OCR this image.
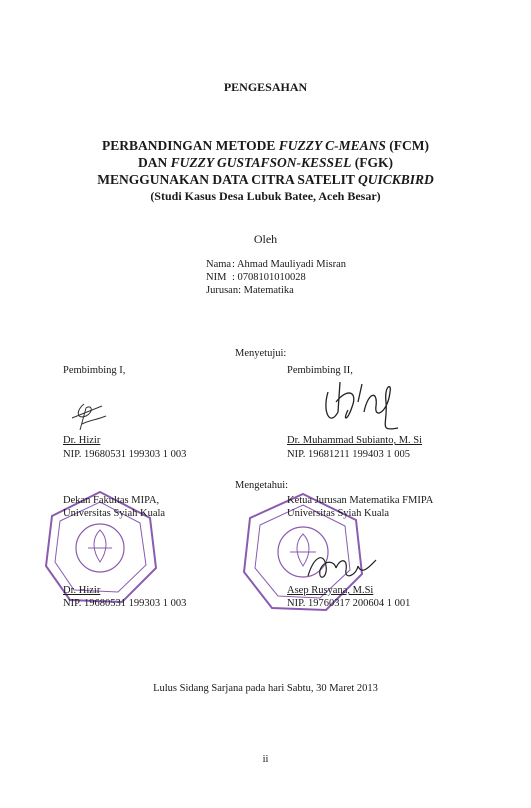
PENGESAHAN
PERBANDINGAN METODE FUZZY C-MEANS (FCM)
DAN FUZZY GUSTAFSON-KESSEL (FGK)
MENGGUNAKAN DATA CITRA SATELIT QUICKBIRD
(Studi Kasus Desa Lubuk Batee, Aceh Besar)
Oleh
Nama: Ahmad Mauliyadi Misran
NIM : 0708101010028
Jurusan: Matematika
Menyetujui:
Pembimbing I,
Dr. Hizir
NIP. 19680531 199303 1 003
Pembimbing II,
Dr. Muhammad Subianto, M. Si
NIP. 19681211 199403 1 005
Mengetahui:
Dekan Fakultas MIPA,
Universitas Syiah Kuala
Dr. Hizir
NIP. 19680531 199303 1 003
Ketua Jurusan Matematika FMIPA
Universitas Syiah Kuala
Asep Rusyana, M.Si
NIP. 19760317 200604 1 001
Lulus Sidang Sarjana pada hari Sabtu, 30 Maret 2013
ii
